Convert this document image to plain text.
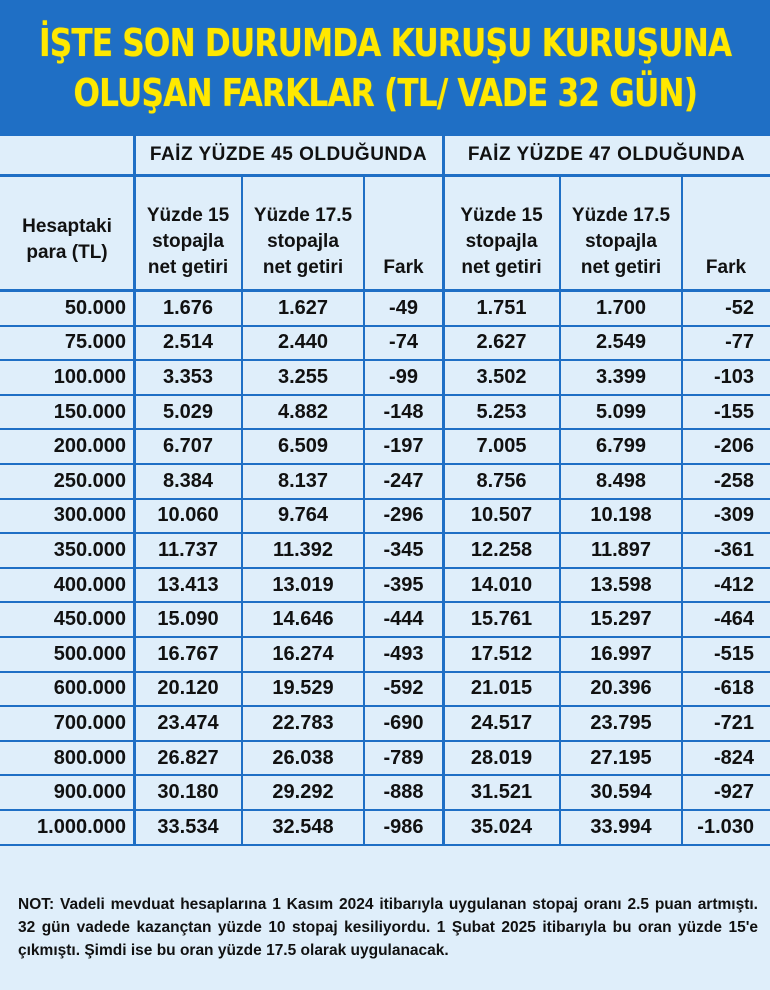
İŞTE SON DURUMDA KURUŞU KURUŞUNA
OLUŞAN FARKLAR (TL/ VADE 32 GÜN)
FAİZ YÜZDE 45 OLDUĞUNDA	FAİZ YÜZDE 47 OLDUĞUNDA
Hesaptaki
para (TL)
Yüzde 15
stopajla
net getiri
Yüzde 17.5
stopajla
net getiri	Fark
Yüzde 15
stopajla
net getiri
Yüzde 17.5
stopajla
net getiri	Fark
50.000	1.676	1.627	-49	1.751	1.700	-52
75.000	2.514	2.440	-74	2.627	2.549	-77
100.000	3.353	3.255	-99	3.502	3.399	-103
150.000	5.029	4.882	-148	5.253	5.099	-155
200.000	6.707	6.509	-197	7.005	6.799	-206
250.000	8.384	8.137	-247	8.756	8.498	-258
300.000	10.060	9.764	-296	10.507	10.198	-309
350.000	11.737	11.392	-345	12.258	11.897	-361
400.000	13.413	13.019	-395	14.010	13.598	-412
450.000	15.090	14.646	-444	15.761	15.297	-464
500.000	16.767	16.274	-493	17.512	16.997	-515
600.000	20.120	19.529	-592	21.015	20.396	-618
700.000	23.474	22.783	-690	24.517	23.795	-721
800.000	26.827	26.038	-789	28.019	27.195	-824
900.000	30.180	29.292	-888	31.521	30.594	-927
1.000.000	33.534	32.548	-986	35.024	33.994	-1.030
NOT: Vadeli mevduat hesaplarına 1 Kasım 2024 itibarıyla uygulanan stopaj oranı 2.5 puan artmıştı. 32 gün vadede kazançtan yüzde 10 stopaj kesiliyordu. 1 Şubat 2025 itibarıyla bu oran yüzde 15'e çıkmıştı. Şimdi ise bu oran yüzde 17.5 olarak uygulanacak.
